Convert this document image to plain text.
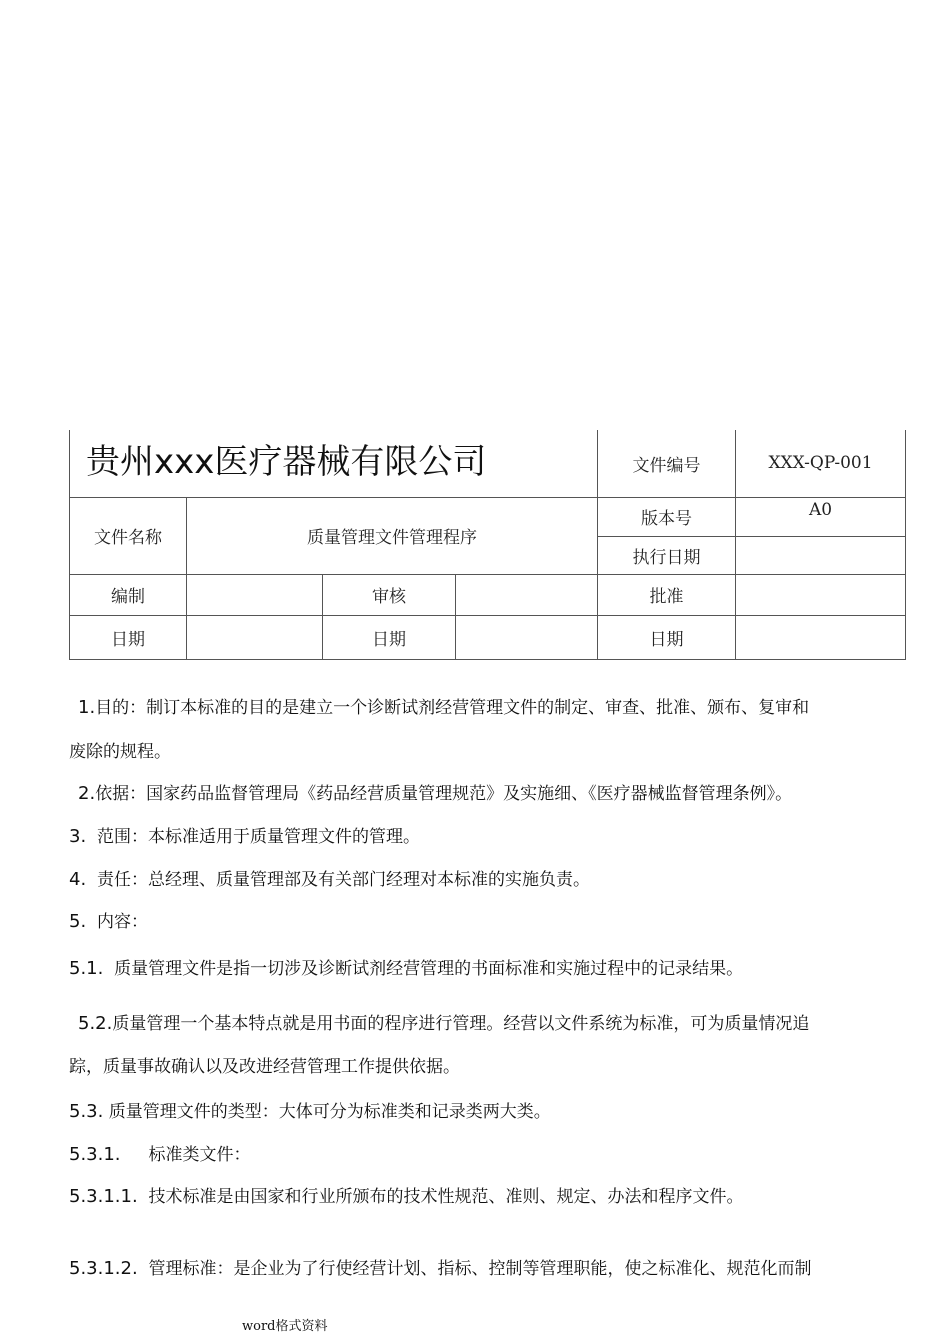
贵州xxx医疗器械有限公司				文件编号	XXX-QP-001
文件名称	质量管理文件管理程序			版本号	A0
				执行日期	
编制		审核		批准	
日期		日期		日期	
1.目的：制订本标准的目的是建立一个诊断试剂经营管理文件的制定、审查、批准、颁布、复审和
废除的规程。
2.依据：国家药品监督管理局《药品经营质量管理规范》及实施细、《医疗器械监督管理条例》。
3. 范围：本标准适用于质量管理文件的管理。
4. 责任：总经理、质量管理部及有关部门经理对本标准的实施负责。
5. 内容：
5.1. 质量管理文件是指一切涉及诊断试剂经营管理的书面标准和实施过程中的记录结果。
5.2.质量管理一个基本特点就是用书面的程序进行管理。经营以文件系统为标准，可为质量情况追
踪，质量事故确认以及改进经营管理工作提供依据。
5.3. 质量管理文件的类型：大体可分为标准类和记录类两大类。
5.3.1. 标准类文件：
5.3.1.1. 技术标准是由国家和行业所颁布的技术性规范、准则、规定、办法和程序文件。
5.3.1.2. 管理标准：是企业为了行使经营计划、指标、控制等管理职能，使之标准化、规范化而制
word格式资料
